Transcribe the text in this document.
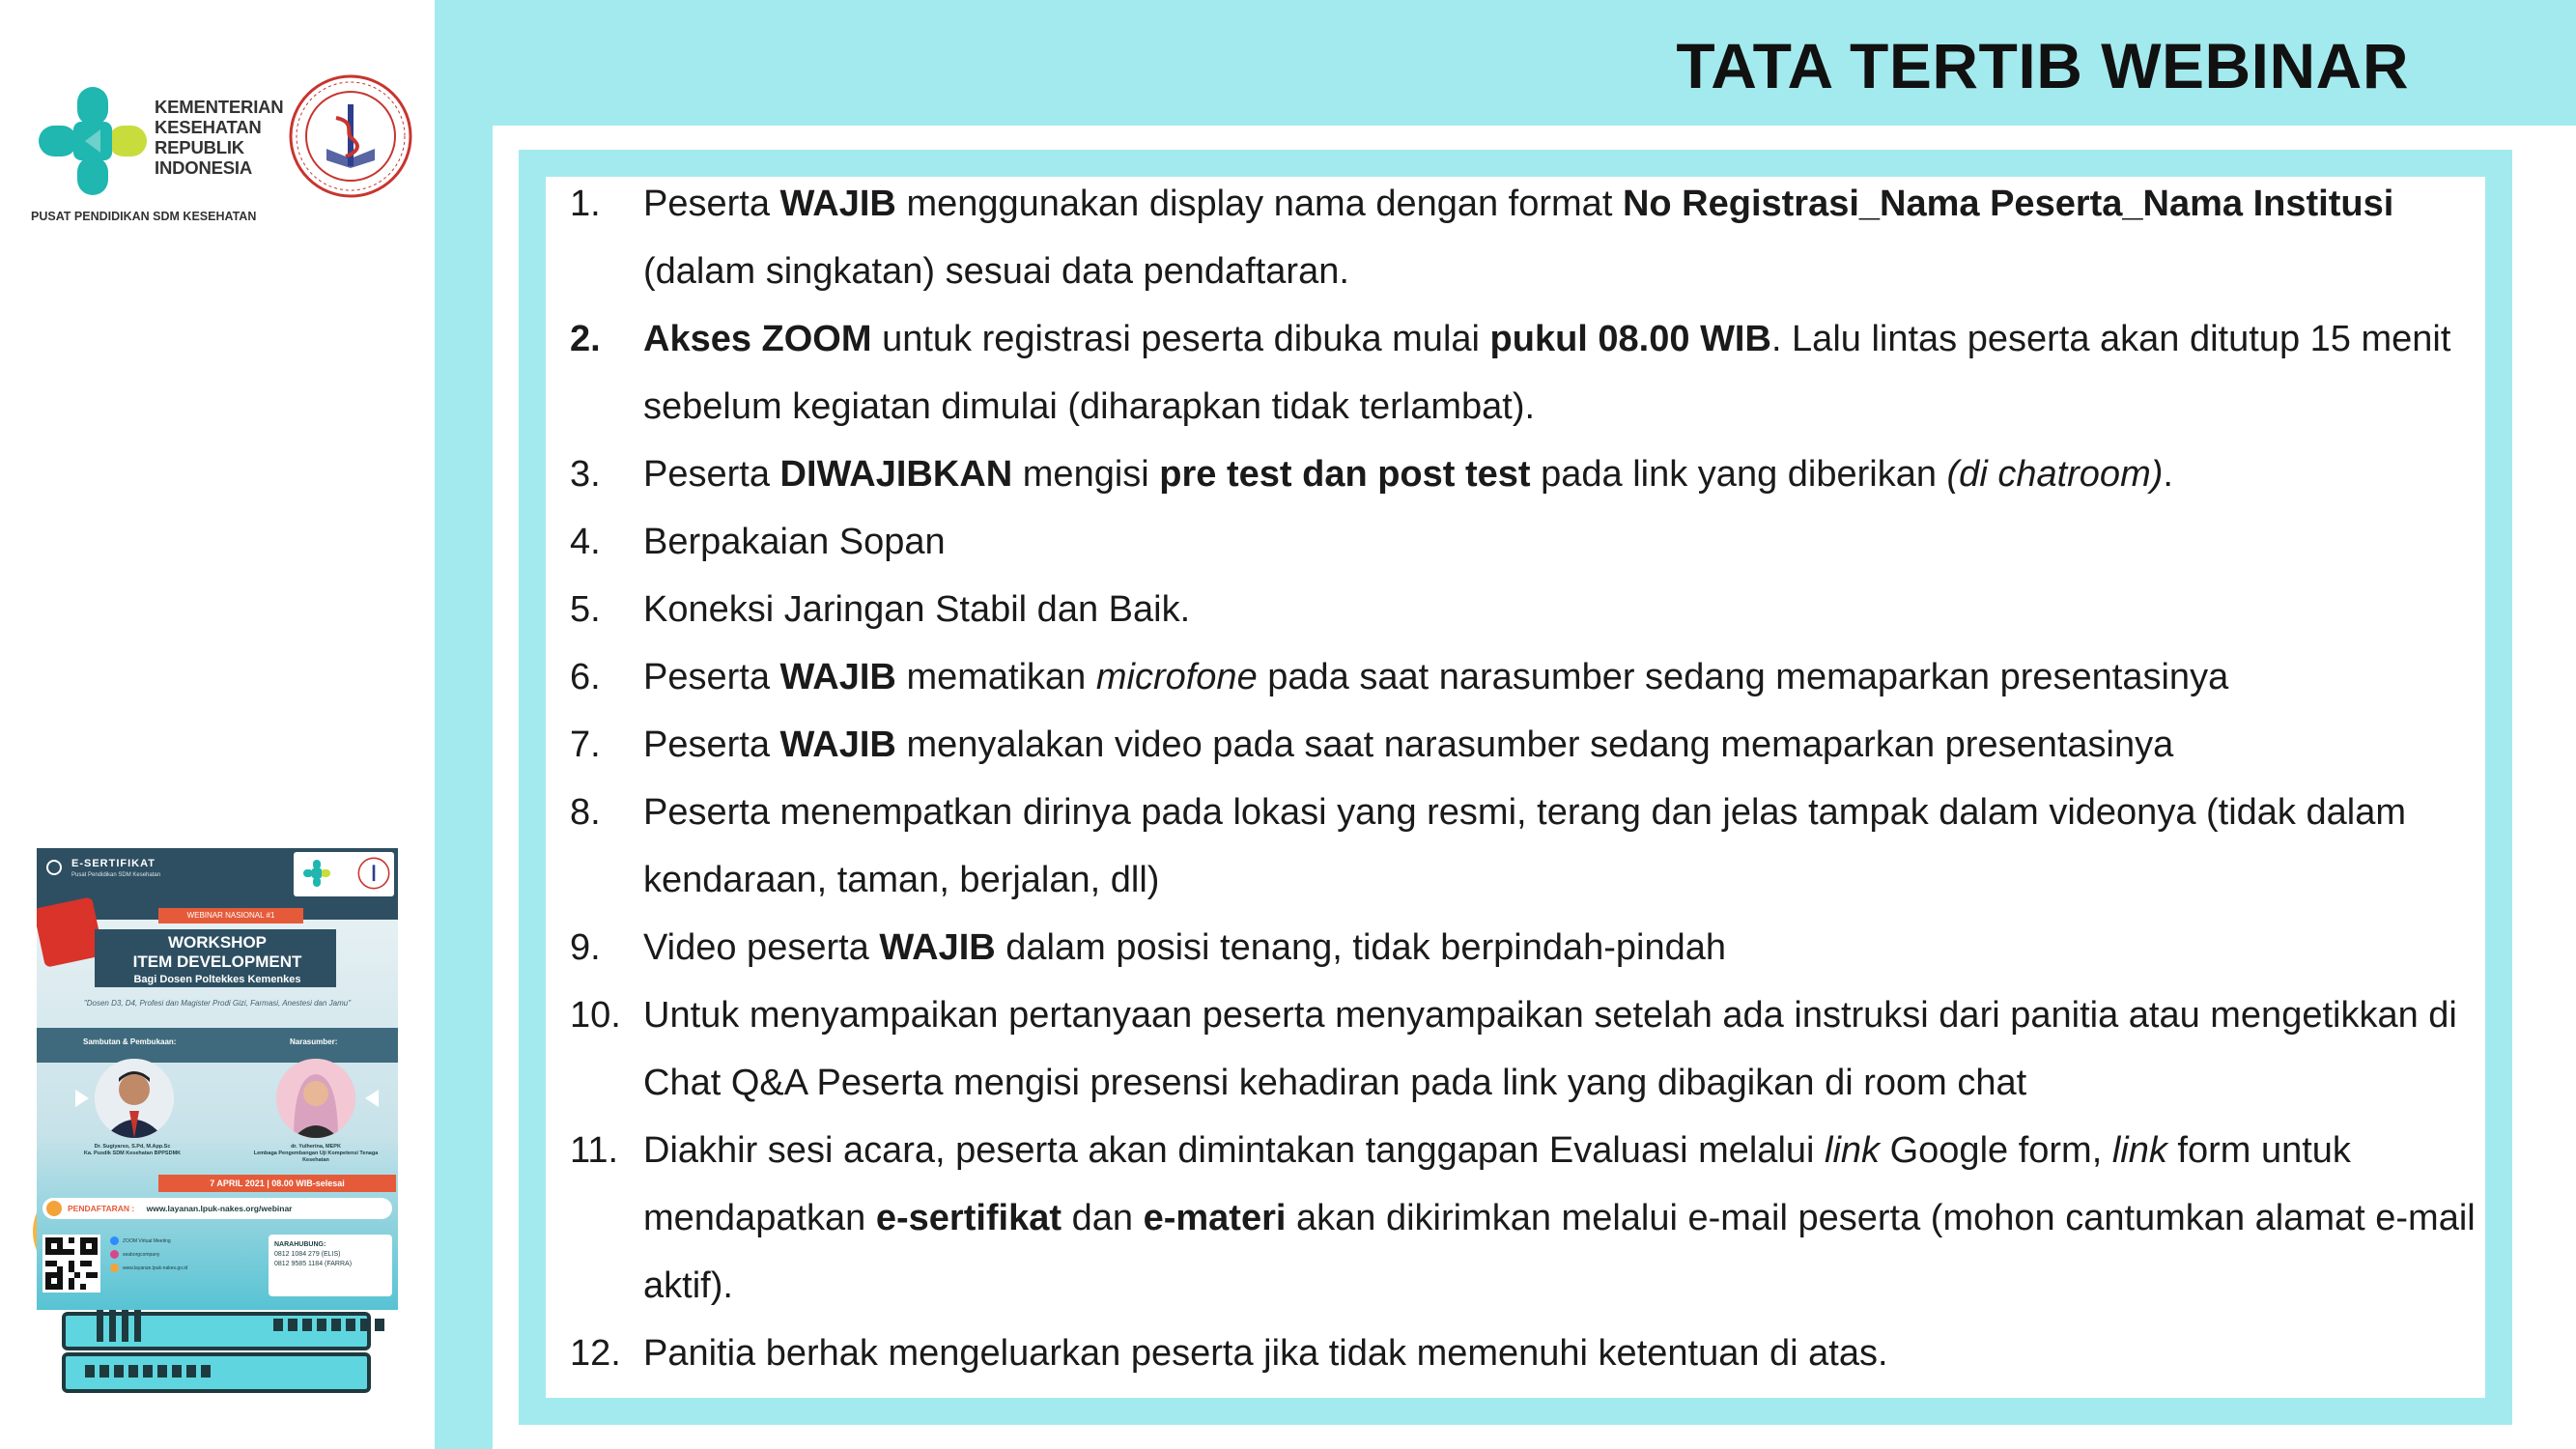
KEMENTERIAN
KESEHATAN
REPUBLIK
INDONESIA
PUSAT PENDIDIKAN SDM KESEHATAN
E-SERTIFIKAT
Pusat Pendidikan SDM Kesehatan
WEBINAR NASIONAL #1
WORKSHOP
ITEM DEVELOPMENT
Bagi Dosen Poltekkes Kemenkes
"Dosen D3, D4, Profesi dan Magister Prodi Gizi, Farmasi, Anestesi dan Jamu"
Sambutan & Pembukaan:	Narasumber:
Dr. Sugiyarso, S.Pd, M.App.Sc
Ka. Pusdik SDM Kesehatan BPPSDMK
dr. Yulherina, MEPK
Lembaga Pengembangan Uji Kompetensi Tenaga Kesehatan
7 APRIL 2021 | 08.00 WIB-selesai
PENDAFTARAN : www.layanan.lpuk-nakes.org/webinar
ZOOM Virtual Meeting
seaborgcompany
www.layanan.lpuk-nakes.go.id
NARAHUBUNG:
0812 1084 279 (ELIS)
0812 9585 1184 (FARRA)
TATA TERTIB WEBINAR
1. Peserta WAJIB menggunakan display nama dengan format No Registrasi_Nama Peserta_Nama Institusi (dalam singkatan) sesuai data pendaftaran.
2. Akses ZOOM untuk registrasi peserta dibuka mulai pukul 08.00 WIB. Lalu lintas peserta akan ditutup 15 menit sebelum kegiatan dimulai (diharapkan tidak terlambat).
3. Peserta DIWAJIBKAN mengisi pre test dan post test pada link yang diberikan (di chatroom).
4. Berpakaian Sopan
5. Koneksi Jaringan Stabil dan Baik.
6. Peserta WAJIB mematikan microfone pada saat narasumber sedang memaparkan presentasinya
7. Peserta WAJIB menyalakan video pada saat narasumber sedang memaparkan presentasinya
8. Peserta menempatkan dirinya pada lokasi yang resmi, terang dan jelas tampak dalam videonya (tidak dalam kendaraan, taman, berjalan, dll)
9. Video peserta WAJIB dalam posisi tenang, tidak berpindah-pindah
10. Untuk menyampaikan pertanyaan peserta menyampaikan setelah ada instruksi dari panitia atau mengetikkan di Chat Q&A Peserta mengisi presensi kehadiran pada link yang dibagikan di room chat
11. Diakhir sesi acara, peserta akan dimintakan tanggapan Evaluasi melalui link Google form, link form untuk mendapatkan e-sertifikat dan e-materi akan dikirimkan melalui e-mail peserta (mohon cantumkan alamat e-mail aktif).
12. Panitia berhak mengeluarkan peserta jika tidak memenuhi ketentuan di atas.
